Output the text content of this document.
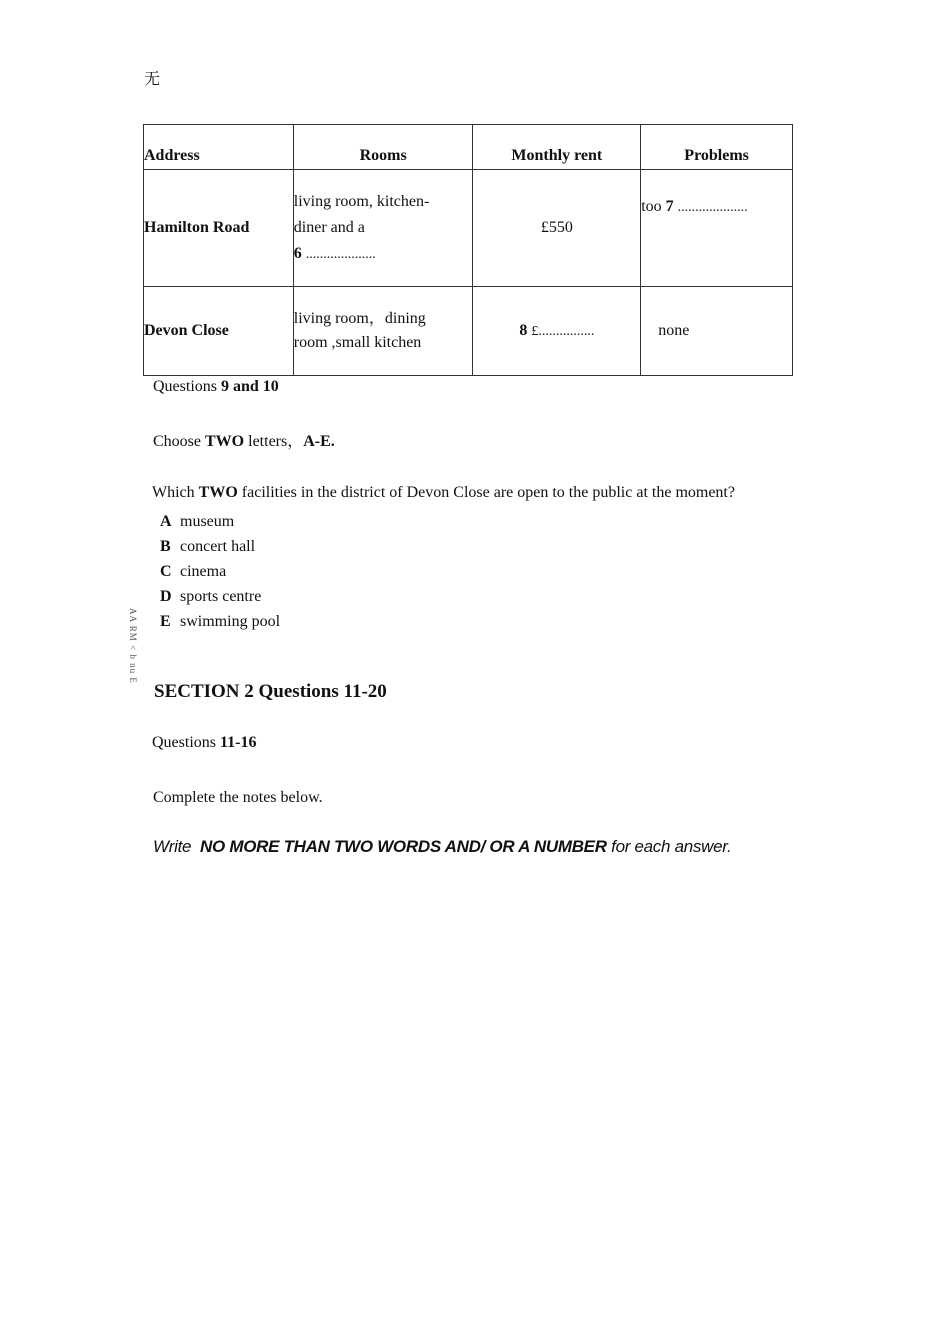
无
Address	Rooms	Monthly rent	Problems
Hamilton Road	living room, kitchen-
diner and a
6 ....................	£550	too 7 ....................
Devon Close	living room，dining
room ,small kitchen	8 £................	none
Questions 9 and 10
Choose TWO letters，A-E.
Which TWO facilities in the district of Devon Close are open to the public at the moment?
A museum
B concert hall
C cinema
D sports centre
E swimming pool
AA RM < b nu E
SECTION 2 Questions 11-20
Questions 11-16
Complete the notes below.
Write NO MORE THAN TWO WORDS AND/ OR A NUMBER for each answer.
